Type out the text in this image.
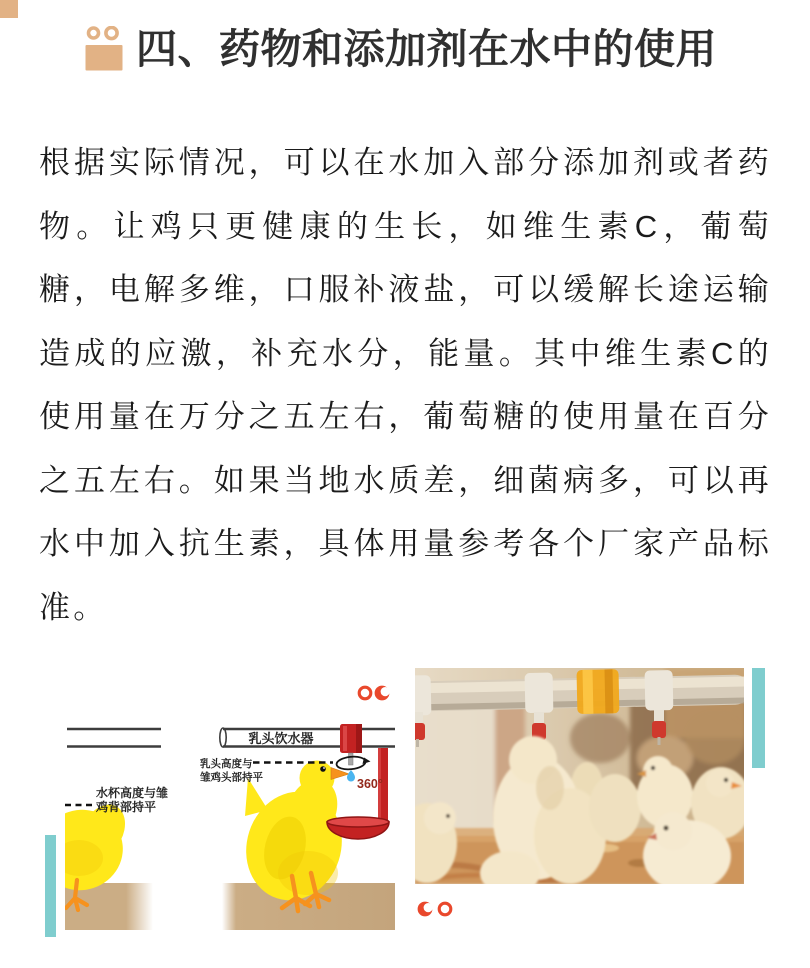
四、药物和添加剂在水中的使用

根据实际情况，可以在水加入部分添加剂或者药物。让鸡只更健康的生长，如维生素C，葡萄糖，电解多维，口服补液盐，可以缓解长途运输造成的应激，补充水分，能量。其中维生素C的使用量在万分之五左右，葡萄糖的使用量在百分之五左右。如果当地水质差，细菌病多，可以再水中加入抗生素，具体用量参考各个厂家产品标准。

乳头饮水器
水杯高度与雏
鸡背部持平
360°
乳头高度与
雏鸡头部持平
